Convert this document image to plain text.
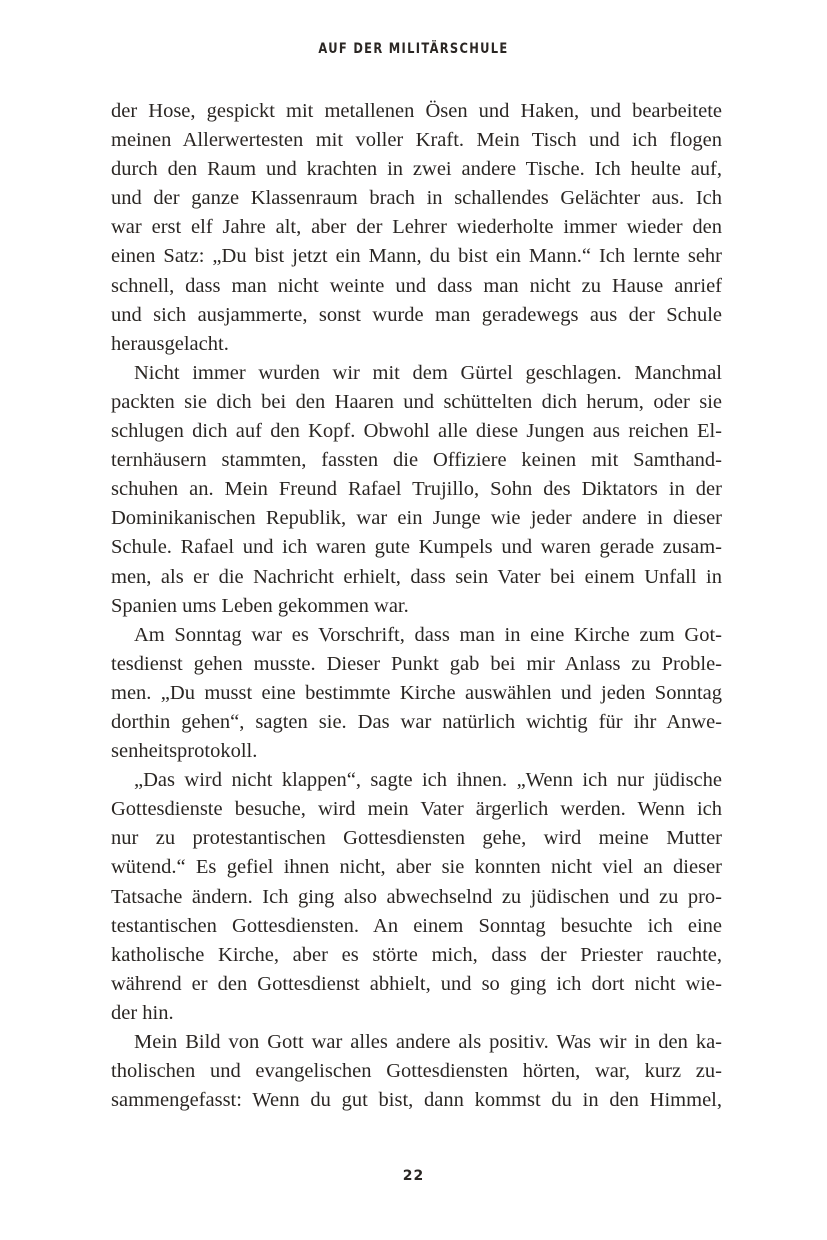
AUF DER MILITÄRSCHULE
der Hose, gespickt mit metallenen Ösen und Haken, und bearbeitete
meinen Allerwertesten mit voller Kraft. Mein Tisch und ich flogen
durch den Raum und krachten in zwei andere Tische. Ich heulte auf,
und der ganze Klassenraum brach in schallendes Gelächter aus. Ich
war erst elf Jahre alt, aber der Lehrer wiederholte immer wieder den
einen Satz: „Du bist jetzt ein Mann, du bist ein Mann.“ Ich lernte sehr
schnell, dass man nicht weinte und dass man nicht zu Hause anrief
und sich ausjammerte, sonst wurde man geradewegs aus der Schule
herausgelacht.
Nicht immer wurden wir mit dem Gürtel geschlagen. Manchmal
packten sie dich bei den Haaren und schüttelten dich herum, oder sie
schlugen dich auf den Kopf. Obwohl alle diese Jungen aus reichen El-
ternhäusern stammten, fassten die Offiziere keinen mit Samthand-
schuhen an. Mein Freund Rafael Trujillo, Sohn des Diktators in der
Dominikanischen Republik, war ein Junge wie jeder andere in dieser
Schule. Rafael und ich waren gute Kumpels und waren gerade zusam-
men, als er die Nachricht erhielt, dass sein Vater bei einem Unfall in
Spanien ums Leben gekommen war.
Am Sonntag war es Vorschrift, dass man in eine Kirche zum Got-
tesdienst gehen musste. Dieser Punkt gab bei mir Anlass zu Proble-
men. „Du musst eine bestimmte Kirche auswählen und jeden Sonntag
dorthin gehen“, sagten sie. Das war natürlich wichtig für ihr Anwe-
senheitsprotokoll.
„Das wird nicht klappen“, sagte ich ihnen. „Wenn ich nur jüdische
Gottesdienste besuche, wird mein Vater ärgerlich werden. Wenn ich
nur zu protestantischen Gottesdiensten gehe, wird meine Mutter
wütend.“ Es gefiel ihnen nicht, aber sie konnten nicht viel an dieser
Tatsache ändern. Ich ging also abwechselnd zu jüdischen und zu pro-
testantischen Gottesdiensten. An einem Sonntag besuchte ich eine
katholische Kirche, aber es störte mich, dass der Priester rauchte,
während er den Gottesdienst abhielt, und so ging ich dort nicht wie-
der hin.
Mein Bild von Gott war alles andere als positiv. Was wir in den ka-
tholischen und evangelischen Gottesdiensten hörten, war, kurz zu-
sammengefasst: Wenn du gut bist, dann kommst du in den Himmel,
22
